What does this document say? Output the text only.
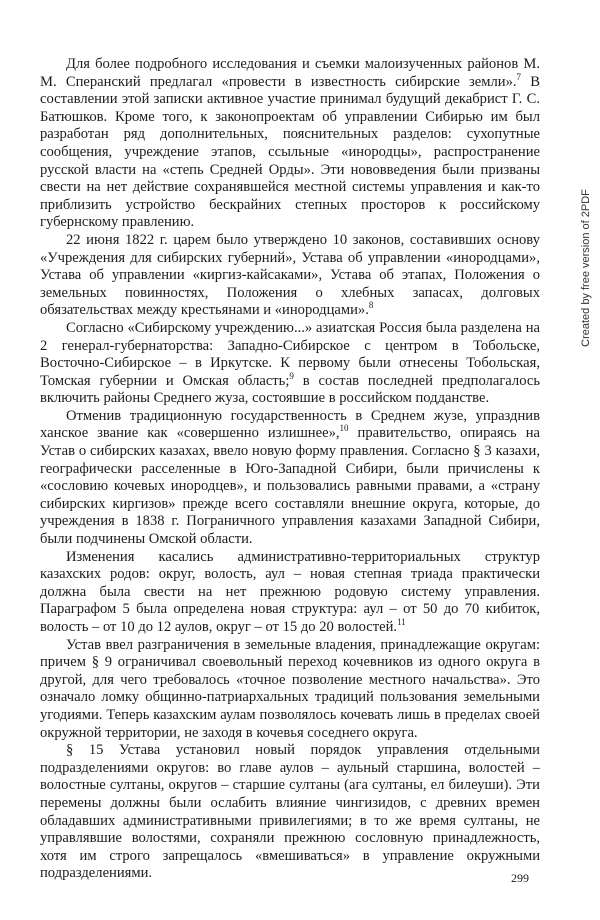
Для более подробного исследования и съемки малоизученных районов М. М. Сперанский предлагал «провести в известность сибирские земли».$^7$ В составлении этой записки активное участие принимал будущий декабрист Г. С. Батюшков. Кроме того, к законопроектам об управлении Сибирью им был разработан ряд дополнительных, пояснительных разделов: сухопутные сообщения, учреждение этапов, ссыльные «инородцы», распространение русской власти на «степь Средней Орды». Эти нововведения были призваны свести на нет действие сохранявшейся местной системы управления и как-то приблизить устройство бескрайних степных просторов к российскому губернскому правлению.

22 июня 1822 г. царем было утверждено 10 законов, составивших основу «Учреждения для сибирских губерний», Устава об управлении «инородцами», Устава об управлении «киргиз-кайсаками», Устава об этапах, Положения о земельных повинностях, Положения о хлебных запасах, долговых обязательствах между крестьянами и «инородцами».$^8$

Согласно «Сибирскому учреждению...» азиатская Россия была разделена на 2 генерал-губернаторства: Западно-Сибирское с центром в Тобольске, Восточно-Сибирское – в Иркутске. К первому были отнесены Тобольская, Томская губернии и Омская область;$^9$ в состав последней предполагалось включить районы Среднего жуза, состоявшие в российском подданстве.

Отменив традиционную государственность в Среднем жузе, упразднив ханское звание как «совершенно излишнее»,$^{10}$ правительство, опираясь на Устав о сибирских казахах, ввело новую форму правления. Согласно § 3 казахи, географически расселенные в Юго-Западной Сибири, были причислены к «сословию кочевых инородцев», и пользовались равными правами, а «страну сибирских киргизов» прежде всего составляли внешние округа, которые, до учреждения в 1838 г. Пограничного управления казахами Западной Сибири, были подчинены Омской области.

Изменения касались административно-территориальных структур казахских родов: округ, волость, аул – новая степная триада практически должна была свести на нет прежнюю родовую систему управления. Параграфом 5 была определена новая структура: аул – от 50 до 70 кибиток, волость – от 10 до 12 аулов, округ – от 15 до 20 волостей.$^{11}$

Устав ввел разграничения в земельные владения, принадлежащие округам: причем § 9 ограничивал своевольный переход кочевников из одного округа в другой, для чего требовалось «точное позволение местного начальства». Это означало ломку общинно-патриархальных традиций пользования земельными угодиями. Теперь казахским аулам позволялось кочевать лишь в пределах своей окружной территории, не заходя в кочевья соседнего округа.

§ 15 Устава установил новый порядок управления отдельными подразделениями округов: во главе аулов – аульный старшина, волостей – волостные султаны, округов – старшие султаны (ага султаны, ел билеуши). Эти перемены должны были ослабить влияние чингизидов, с древних времен обладавших административными привилегиями; в то же время султаны, не управлявшие волостями, сохраняли прежнюю сословную принадлежность, хотя им строго запрещалось «вмешиваться» в управление окружными подразделениями.

Created by free version of 2PDF
299
